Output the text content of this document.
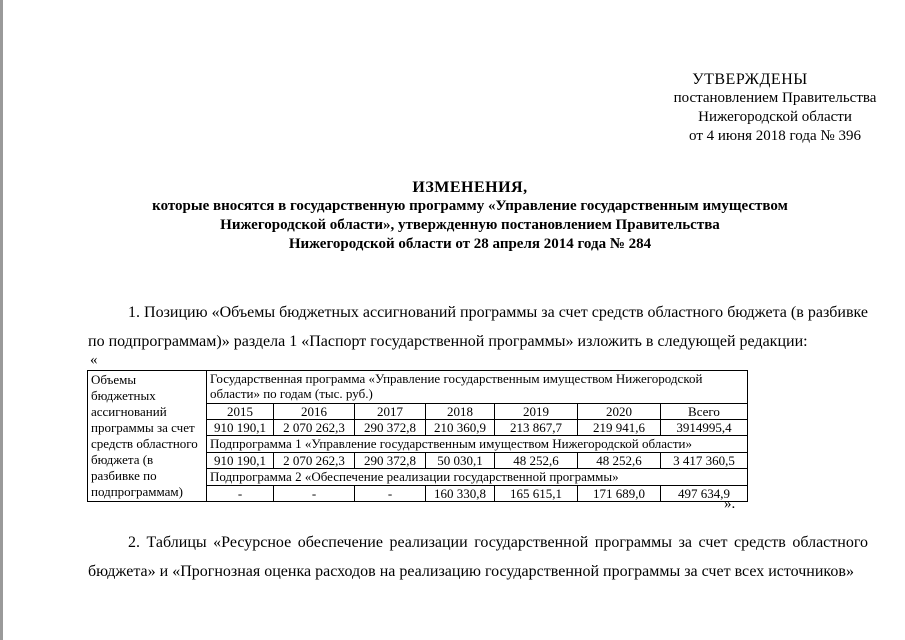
УТВЕРЖДЕНЫ
постановлением Правительства
Нижегородской области
от 4 июня 2018 года № 396
ИЗМЕНЕНИЯ,
которые вносятся в государственную программу «Управление государственным имуществом
Нижегородской области», утвержденную постановлением Правительства
Нижегородской области от 28 апреля 2014 года № 284
1. Позицию «Объемы бюджетных ассигнований программы за счет средств областного бюджета (в разбивке по подпрограммам)» раздела 1 «Паспорт государственной программы» изложить в следующей редакции:
«
Объемы бюджетных ассигнований программы за счет средств областного бюджета (в разбивке по подпрограммам)	Государственная программа «Управление государственным имуществом Нижегородской области» по годам (тыс. руб.)						
	2015	2016	2017	2018	2019	2020	Всего
	910 190,1	2 070 262,3	290 372,8	210 360,9	213 867,7	219 941,6	3914995,4
	Подпрограмма 1 «Управление государственным имуществом Нижегородской области»						
	910 190,1	2 070 262,3	290 372,8	50 030,1	48 252,6	48 252,6	3 417 360,5
	Подпрограмма 2 «Обеспечение реализации государственной программы»						
	-	-	-	160 330,8	165 615,1	171 689,0	497 634,9
».
2. Таблицы «Ресурсное обеспечение реализации государственной программы за счет средств областного бюджета» и «Прогнозная оценка расходов на реализацию государственной программы за счет всех источников»
